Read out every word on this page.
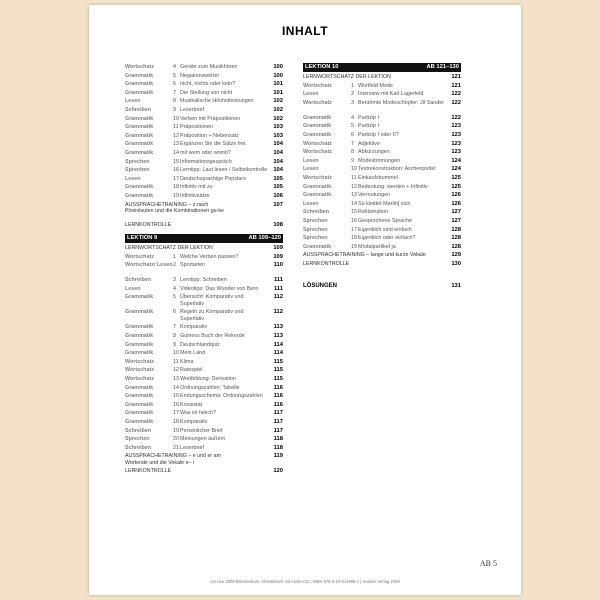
INHALT
Wortschatz	4 Geräte zum Musikhören	100
Grammatik	5 Negationswörter	100
Grammatik	6 nicht, nichts oder kein?	101
Grammatik	7 Die Stellung von nicht	101
Lesen	8 Musikalische Höchstleistungen	102
Schreiben	9 Leserbrief	102
Grammatik	10 Verben mit Präpositionen	102
Grammatik	11 Präpositionen	103
Grammatik	12 Präposition + Nebensatz	103
Grammatik	13 Ergänzen Sie die Sätze frei.	104
Grammatik	14 mit wem oder womit?	104
Sprechen	15 Informationsgespräch	104
Sprechen	16 Lerntipp: Laut lesen / Selbstkontrolle 104
Lesen	17 Deutschsprachige Popstars	105
Grammatik	18 Infinitiv mit zu	105
Grammatik	19 Infinitivsätze	106
AUSSPRACHETRAINING – z.nach Plosivlauten und die Kombinationen gu-ke
107
LERNKONTROLLE	108
LEKTION 9	AB 109–120
LERNWORTSCHATZ DER LEKTION	109
Wortschatz	1 Welche Verben passen?	109
Wortschatz/ Lesen 2 Sportarten	110
Schreiben	3 Lerntipp: Schreiben	111
Lesen	4 Videotipp: Das Wunder von Bern	111
Grammatik	5 Übersicht: Komparativ und Superlativ
112
Grammatik	6 Regeln zu Komparativ und Superlativ
112
Grammatik	7 Komparativ	113
Grammatik	8 Guiness Buch der Rekorde	113
Grammatik	9 Deutschlandquiz	114
Grammatik	10 Mein Land	114
Wortschatz	11 Klima	115
Wortschatz	12 Ratespiel	115
Wortschatz	13 Wortbildung: Derivation	115
Grammatik	14 Ordnungszahlen: Tabelle	116
Grammatik	15 Endungsschema: Ordnungszahlen 116
Grammatik	16 Konsistat	116
Grammatik	17 Was ist falsch?	117
Grammatik	18 Komparativ	117
Schreiben	19 Persönlicher Brief	117
Sprechen	20 Meinungen äußern	118
Schreiben	21 Leserbrief	118
AUSSPRACHETRAINING – e und er am Wortende und die Vokale e– i
119
LERNKONTROLLE	120
LEKTION 10	AB 121–130
LERNWORTSCHATZ DER LEKTION	121
Wortschatz	1 Wortfeld Mode	121
Lesen	2 Interview mit Karl Lagerfeld	122
Wortschatz	3 Berühmte Modeschöpfer: Jil Sander 122
Grammatik	4 Partizip I	122
Grammatik	5 Partizip I	123
Grammatik	6 Partizip I oder II?	123
Wortschatz	7 Adjektive	123
Wortschatz	8 Abkürzungen	123
Lesen	9 Modeströmungen	124
Lesen	10 Textrekonstruktion: Aschenputtel	124
Wortschatz	11 Einkaufsbummel	125
Grammatik	12 Bedeutung: werden + Infinitiv	125
Grammatik	13 Vermutungen	126
Lesen	14 Sü kleidet Marlin] sich	126
Schreiben	15 Reklamation	127
Sprechen	16 Gesprochene Sprache	127
Sprechen	17 Eigentlich sind einfach	128
Sprechen	18 Eigentlich oder einfach?	128
Grammatik	19 Modalpartikel ja	128
AUSSPRACHETRAINING – lange und kurze Vokale	129
LERNKONTROLLE	130
LÖSUNGEN	131
AB 5
em neu 2008 Brückenkurs. Arbeitsbuch mit Audio-CD | ISBN 978-3-19-511696-1 | Hueber Verlag 2008
